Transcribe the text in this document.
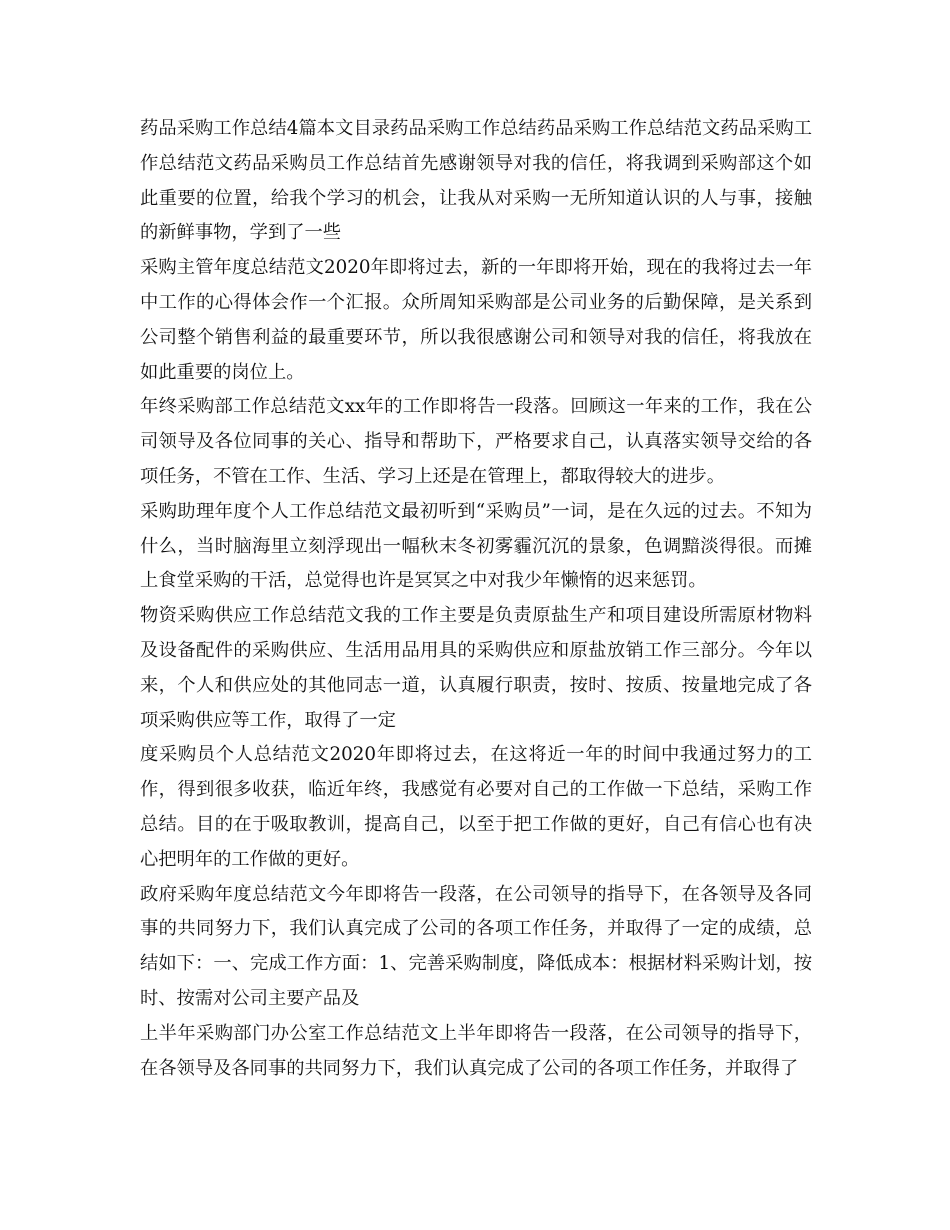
药品采购工作总结4篇本文目录药品采购工作总结药品采购工作总结范文药品采购工作总结范文药品采购员工作总结首先感谢领导对我的信任，将我调到采购部这个如此重要的位置，给我个学习的机会，让我从对采购一无所知道认识的人与事，接触的新鲜事物，学到了一些

采购主管年度总结范文2020年即将过去，新的一年即将开始，现在的我将过去一年中工作的心得体会作一个汇报。众所周知采购部是公司业务的后勤保障，是关系到公司整个销售利益的最重要环节，所以我很感谢公司和领导对我的信任，将我放在如此重要的岗位上。

年终采购部工作总结范文xx年的工作即将告一段落。回顾这一年来的工作，我在公司领导及各位同事的关心、指导和帮助下，严格要求自己，认真落实领导交给的各项任务，不管在工作、生活、学习上还是在管理上，都取得较大的进步。

采购助理年度个人工作总结范文最初听到“采购员”一词，是在久远的过去。不知为什么，当时脑海里立刻浮现出一幅秋末冬初雾霾沉沉的景象，色调黯淡得很。而摊上食堂采购的干活，总觉得也许是冥冥之中对我少年懒惰的迟来惩罚。

物资采购供应工作总结范文我的工作主要是负责原盐生产和项目建设所需原材物料及设备配件的采购供应、生活用品用具的采购供应和原盐放销工作三部分。今年以来，个人和供应处的其他同志一道，认真履行职责，按时、按质、按量地完成了各项采购供应等工作，取得了一定

度采购员个人总结范文2020年即将过去，在这将近一年的时间中我通过努力的工作，得到很多收获，临近年终，我感觉有必要对自己的工作做一下总结，采购工作总结。目的在于吸取教训，提高自己，以至于把工作做的更好，自己有信心也有决心把明年的工作做的更好。

政府采购年度总结范文今年即将告一段落，在公司领导的指导下，在各领导及各同事的共同努力下，我们认真完成了公司的各项工作任务，并取得了一定的成绩，总结如下：一、完成工作方面：1、完善采购制度，降低成本：根据材料采购计划，按时、按需对公司主要产品及

上半年采购部门办公室工作总结范文上半年即将告一段落，在公司领导的指导下，在各领导及各同事的共同努力下，我们认真完成了公司的各项工作任务，并取得了
